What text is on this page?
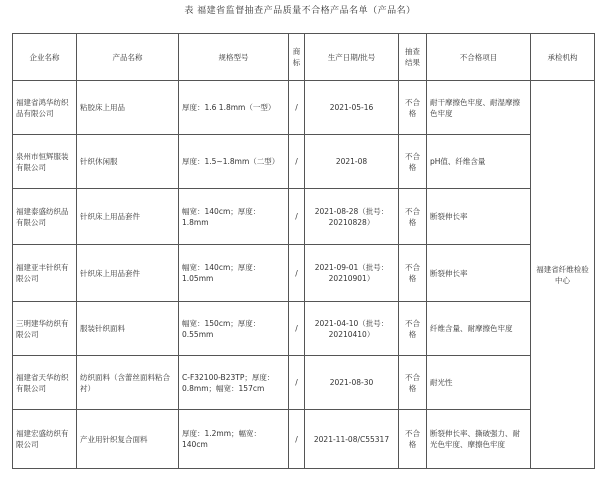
表 福建省监督抽查产品质量不合格产品名单（产品名）
企业名称	产品名称	规格型号	商标	生产日期/批号	抽查结果	不合格项目	承检机构
福建省鸿华纺织品有限公司	粘胶床上用品	厚度：1.6 1.8mm（一型）	/	2021-05-16	不合格	耐干摩擦色牢度、耐湿摩擦色牢度	福建省纤维检验中心
泉州市恒辉服装有限公司	针织休闲服	厚度：1.5~1.8mm（二型）	/	2021-08	不合格	pH值、纤维含量	
福建泰盛纺织品有限公司	针织床上用品套件	幅宽：140cm；厚度：1.8mm	/	2021-08-28（批号：20210828）	不合格	断裂伸长率	
福建亚丰针织有限公司	针织床上用品套件	幅宽：140cm；厚度：1.05mm	/	2021-09-01（批号：20210901）	不合格	断裂伸长率	
三明建华纺织有限公司	服装针织面料	幅宽：150cm；厚度：0.55mm	/	2021-04-10（批号：20210410）	不合格	纤维含量、耐摩擦色牢度	
福建省天华纺织有限公司	纺织面料（含蕾丝面料粘合衬）	C-F32100-B23TP；厚度：0.8mm；幅宽：157cm	/	2021-08-30	不合格	耐光性	
福建宏盛纺织有限公司	产业用针织复合面料	厚度：1.2mm；幅宽：140cm	/	2021-11-08/C55317	不合格	断裂伸长率、撕破强力、耐光色牢度、摩擦色牢度	
